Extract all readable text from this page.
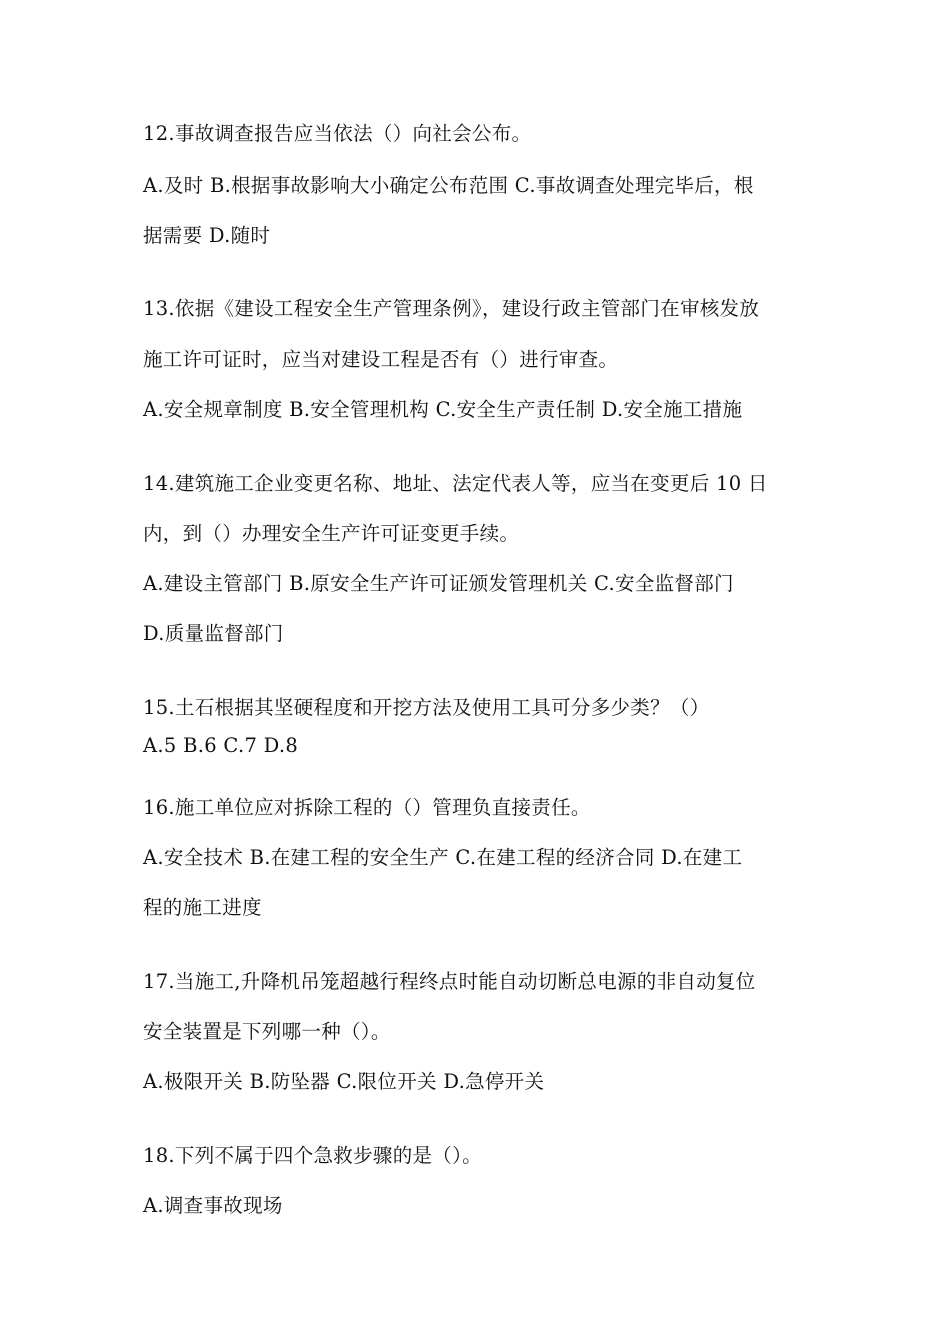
12.事故调查报告应当依法（）向社会公布。
A.及时 B.根据事故影响大小确定公布范围 C.事故调查处理完毕后，根
据需要 D.随时
13.依据《建设工程安全生产管理条例》，建设行政主管部门在审核发放
施工许可证时，应当对建设工程是否有（）进行审查。
A.安全规章制度 B.安全管理机构 C.安全生产责任制 D.安全施工措施
14.建筑施工企业变更名称、地址、法定代表人等，应当在变更后 10 日
内，到（）办理安全生产许可证变更手续。
A.建设主管部门 B.原安全生产许可证颁发管理机关 C.安全监督部门
D.质量监督部门
15.土石根据其坚硬程度和开挖方法及使用工具可分多少类？（）
A.5 B.6 C.7 D.8
16.施工单位应对拆除工程的（）管理负直接责任。
A.安全技术 B.在建工程的安全生产 C.在建工程的经济合同 D.在建工
程的施工进度
17.当施工,升降机吊笼超越行程终点时能自动切断总电源的非自动复位
安全装置是下列哪一种（）。
A.极限开关 B.防坠器 C.限位开关 D.急停开关
18.下列不属于四个急救步骤的是（）。
A.调查事故现场
